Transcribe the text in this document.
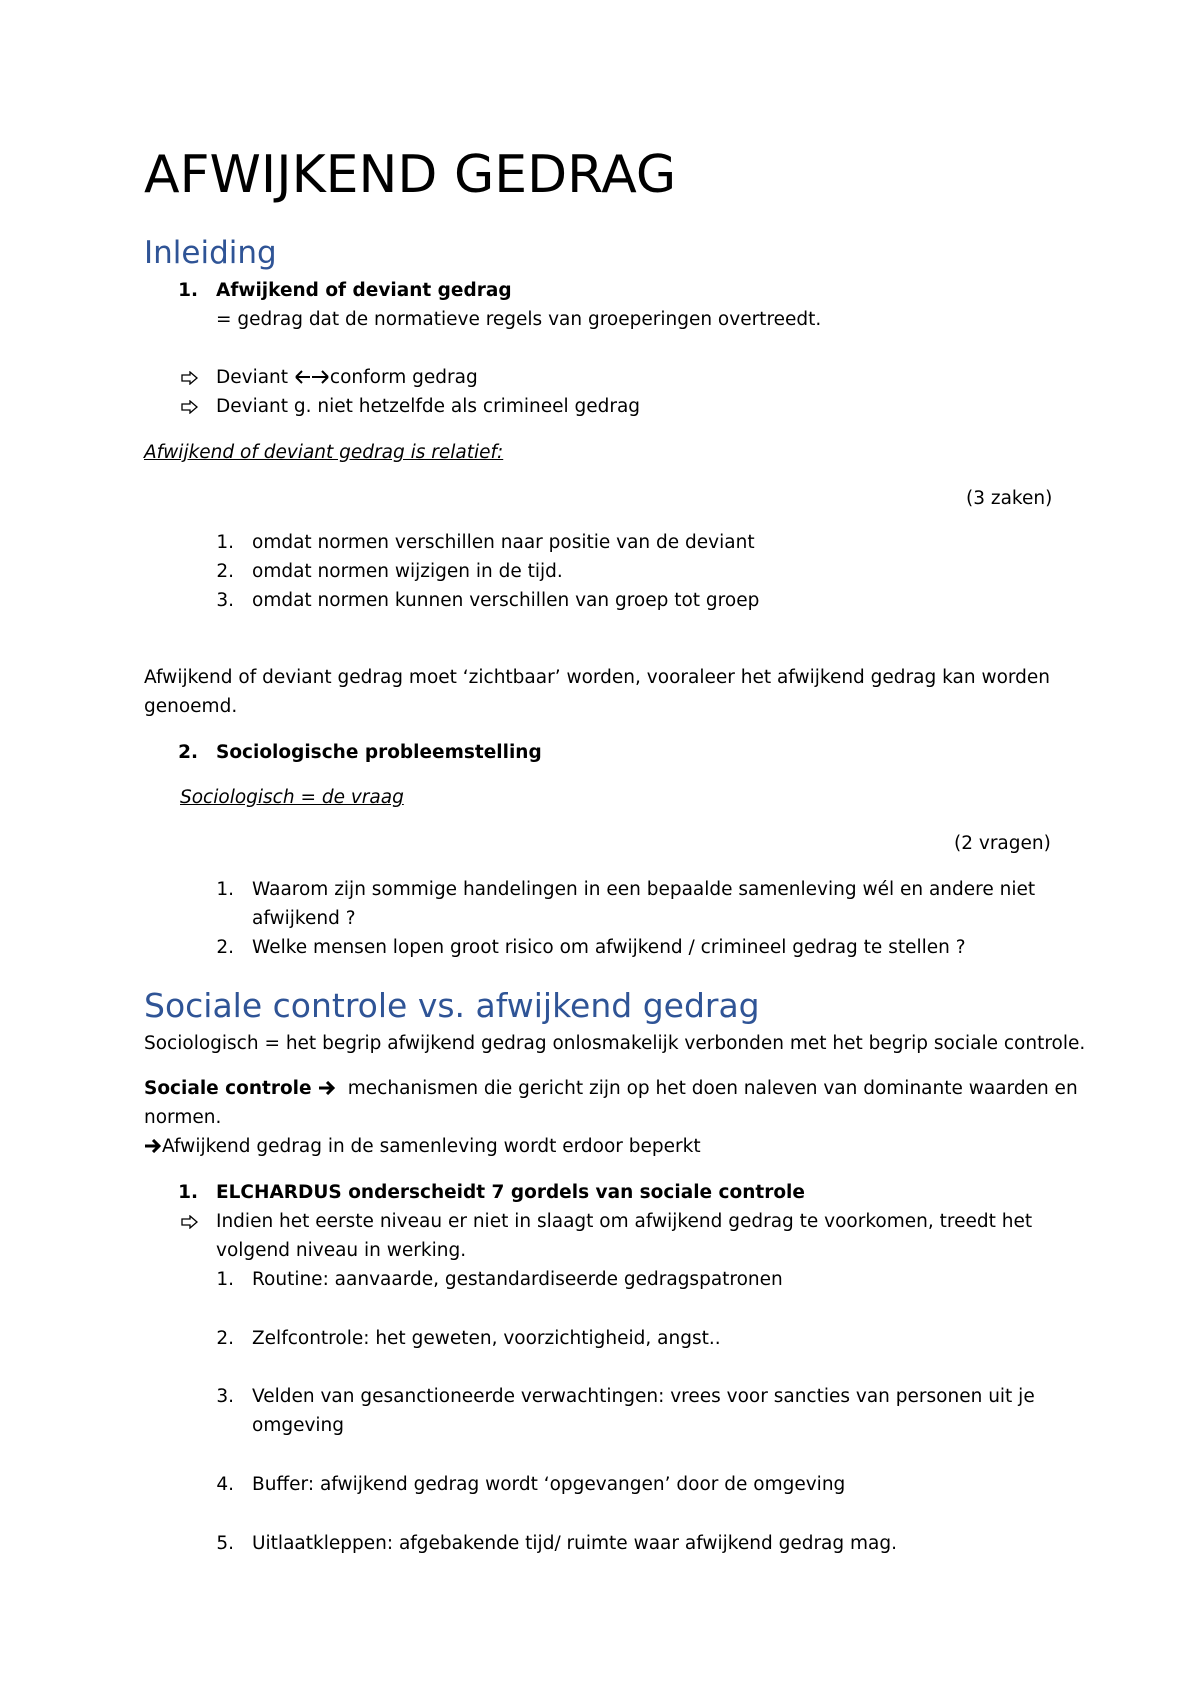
AFWIJKEND GEDRAG
Inleiding
1. Afwijkend of deviant gedrag
= gedrag dat de normatieve regels van groeperingen overtreedt.
Deviant conform gedrag
Deviant g. niet hetzelfde als crimineel gedrag
Afwijkend of deviant gedrag is relatief:
(3 zaken)
1. omdat normen verschillen naar positie van de deviant
2. omdat normen wijzigen in de tijd.
3. omdat normen kunnen verschillen van groep tot groep
Afwijkend of deviant gedrag moet ‘zichtbaar’ worden, vooraleer het afwijkend gedrag kan worden
genoemd.
2. Sociologische probleemstelling
Sociologisch = de vraag
(2 vragen)
1. Waarom zijn sommige handelingen in een bepaalde samenleving wél en andere niet
afwijkend ?
2. Welke mensen lopen groot risico om afwijkend / crimineel gedrag te stellen ?
Sociale controle vs. afwijkend gedrag
Sociologisch = het begrip afwijkend gedrag onlosmakelijk verbonden met het begrip sociale controle.
Sociale controle   mechanismen die gericht zijn op het doen naleven van dominante waarden en
normen.
Afwijkend gedrag in de samenleving wordt erdoor beperkt
1. ELCHARDUS onderscheidt 7 gordels van sociale controle
Indien het eerste niveau er niet in slaagt om afwijkend gedrag te voorkomen, treedt het
volgend niveau in werking.
1. Routine: aanvaarde, gestandardiseerde gedragspatronen
2. Zelfcontrole: het geweten, voorzichtigheid, angst..
3. Velden van gesanctioneerde verwachtingen: vrees voor sancties van personen uit je
omgeving
4. Buffer: afwijkend gedrag wordt ‘opgevangen’ door de omgeving
5. Uitlaatkleppen: afgebakende tijd/ ruimte waar afwijkend gedrag mag.
